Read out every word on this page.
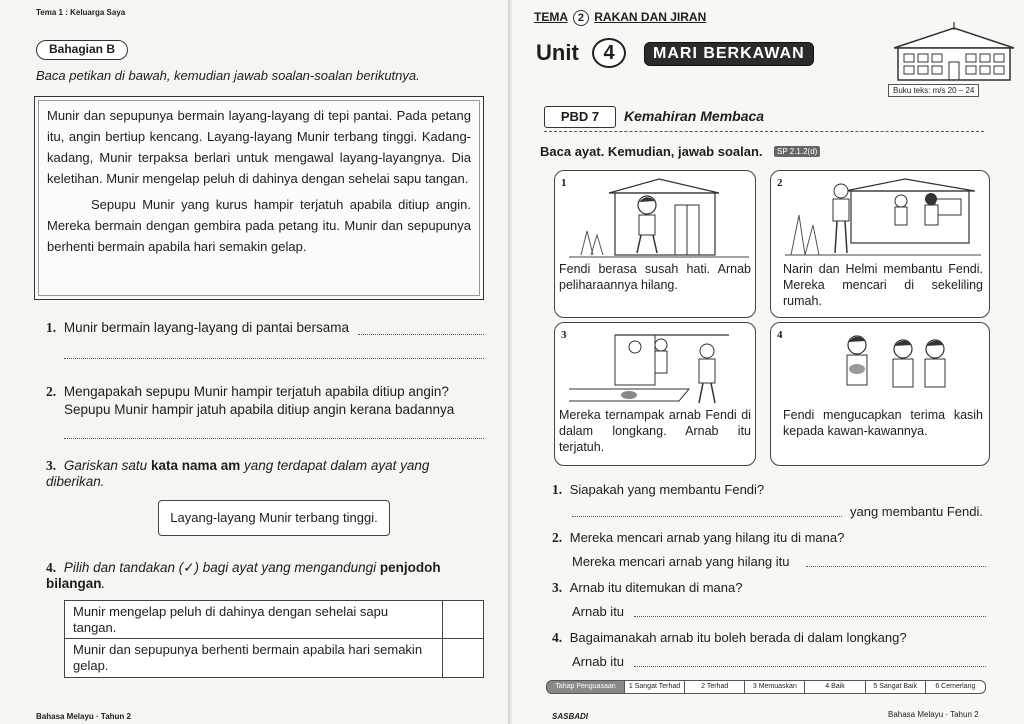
Tema 1 : Keluarga Saya
Bahagian B
Baca petikan di bawah, kemudian jawab soalan-soalan berikutnya.

Munir dan sepupunya bermain layang-layang di tepi pantai. Pada petang itu, angin bertiup kencang. Layang-layang Munir terbang tinggi. Kadang-kadang, Munir terpaksa berlari untuk mengawal layang-layangnya. Dia keletihan. Munir mengelap peluh di dahinya dengan sehelai sapu tangan.

Sepupu Munir yang kurus hampir terjatuh apabila ditiup angin. Mereka bermain dengan gembira pada petang itu. Munir dan sepupunya berhenti bermain apabila hari semakin gelap.

1. Munir bermain layang-layang di pantai bersama
2. Mengapakah sepupu Munir hampir terjatuh apabila ditiup angin?
Sepupu Munir hampir jatuh apabila ditiup angin kerana badannya
3. Gariskan satu kata nama am yang terdapat dalam ayat yang diberikan.
Layang-layang Munir terbang tinggi.
4. Pilih dan tandakan (✓) bagi ayat yang mengandungi penjodoh bilangan.
Munir mengelap peluh di dahinya dengan sehelai sapu tangan.
Munir dan sepupunya berhenti bermain apabila hari semakin gelap.
Bahasa Melayu · Tahun 2
TEMA 2 RAKAN DAN JIRAN
Unit	4	MARI BERKAWAN
Buku teks: m/s 20 – 24
PBD 7	Kemahiran Membaca
Baca ayat. Kemudian, jawab soalan.	SP 2.1.2(d)
1
Fendi berasa susah hati. Arnab peliharaannya hilang.
2
Narin dan Helmi membantu Fendi. Mereka mencari di sekeliling rumah.
3
Mereka ternampak arnab Fendi di dalam longkang. Arnab itu terjatuh.
4
Fendi mengucapkan terima kasih kepada kawan-kawannya.
1. Siapakah yang membantu Fendi?
yang membantu Fendi.
2. Mereka mencari arnab yang hilang itu di mana?
Mereka mencari arnab yang hilang itu
3. Arnab itu ditemukan di mana?
Arnab itu
4. Bagaimanakah arnab itu boleh berada di dalam longkang?
Arnab itu
Tahap Penguasaan	1 Sangat Terhad	2 Terhad	3 Memuaskan	4 Baik	5 Sangat Baik	6 Cemerlang
SASBADI	Bahasa Melayu · Tahun 2
